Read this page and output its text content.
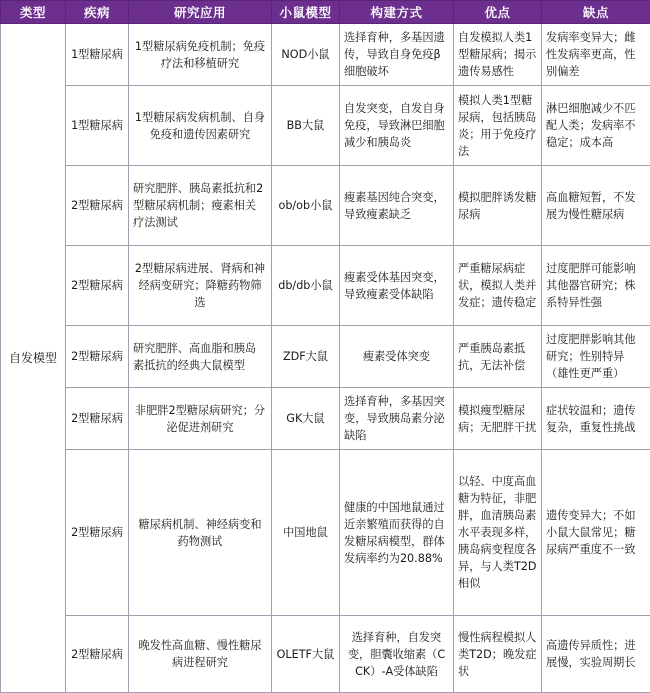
类型	疾病	研究应用	小鼠模型	构建方式	优点	缺点
自发模型	1型糖尿病	1型糖尿病免疫机制；免疫疗法和移植研究	NOD小鼠	选择育种，多基因遗传，导致自身免疫β细胞破坏	自发模拟人类1型糖尿病；揭示遗传易感性	发病率变异大；雌性发病率更高，性别偏差
	1型糖尿病	1型糖尿病发病机制、自身免疫和遗传因素研究	BB大鼠	自发突变，自发自身免疫，导致淋巴细胞减少和胰岛炎	模拟人类1型糖尿病，包括胰岛炎；用于免疫疗法	淋巴细胞减少不匹配人类；发病率不稳定；成本高
	2型糖尿病	研究肥胖、胰岛素抵抗和2型糖尿病机制；瘦素相关疗法测试	ob/ob小鼠	瘦素基因纯合突变，导致瘦素缺乏	模拟肥胖诱发糖尿病	高血糖短暂，不发展为慢性糖尿病
	2型糖尿病	2型糖尿病进展、肾病和神经病变研究；降糖药物筛选	db/db小鼠	瘦素受体基因突变，导致瘦素受体缺陷	严重糖尿病症状，模拟人类并发症；遗传稳定	过度肥胖可能影响其他器官研究；株系特异性强
	2型糖尿病	研究肥胖、高血脂和胰岛素抵抗的经典大鼠模型	ZDF大鼠	瘦素受体突变	严重胰岛素抵抗，无法补偿	过度肥胖影响其他研究；性别特异（雄性更严重）
	2型糖尿病	非肥胖2型糖尿病研究；分泌促进剂研究	GK大鼠	选择育种，多基因突变，导致胰岛素分泌缺陷	模拟瘦型糖尿病；无肥胖干扰	症状较温和；遗传复杂，重复性挑战
	2型糖尿病	糖尿病机制、神经病变和药物测试	中国地鼠	健康的中国地鼠通过近亲繁殖而获得的自发糖尿病模型，群体发病率约为20.88%	以轻、中度高血糖为特征，非肥胖，血清胰岛素水平表现多样，胰岛病变程度各异，与人类T2D相似	遗传变异大；不如小鼠大鼠常见；糖尿病严重度不一致
	2型糖尿病	晚发性高血糖、慢性糖尿病进程研究	OLETF大鼠	选择育种，自发突变，胆囊收缩素（CCK）-A受体缺陷	慢性病程模拟人类T2D；晚发症状	高遗传异质性；进展慢，实验周期长
